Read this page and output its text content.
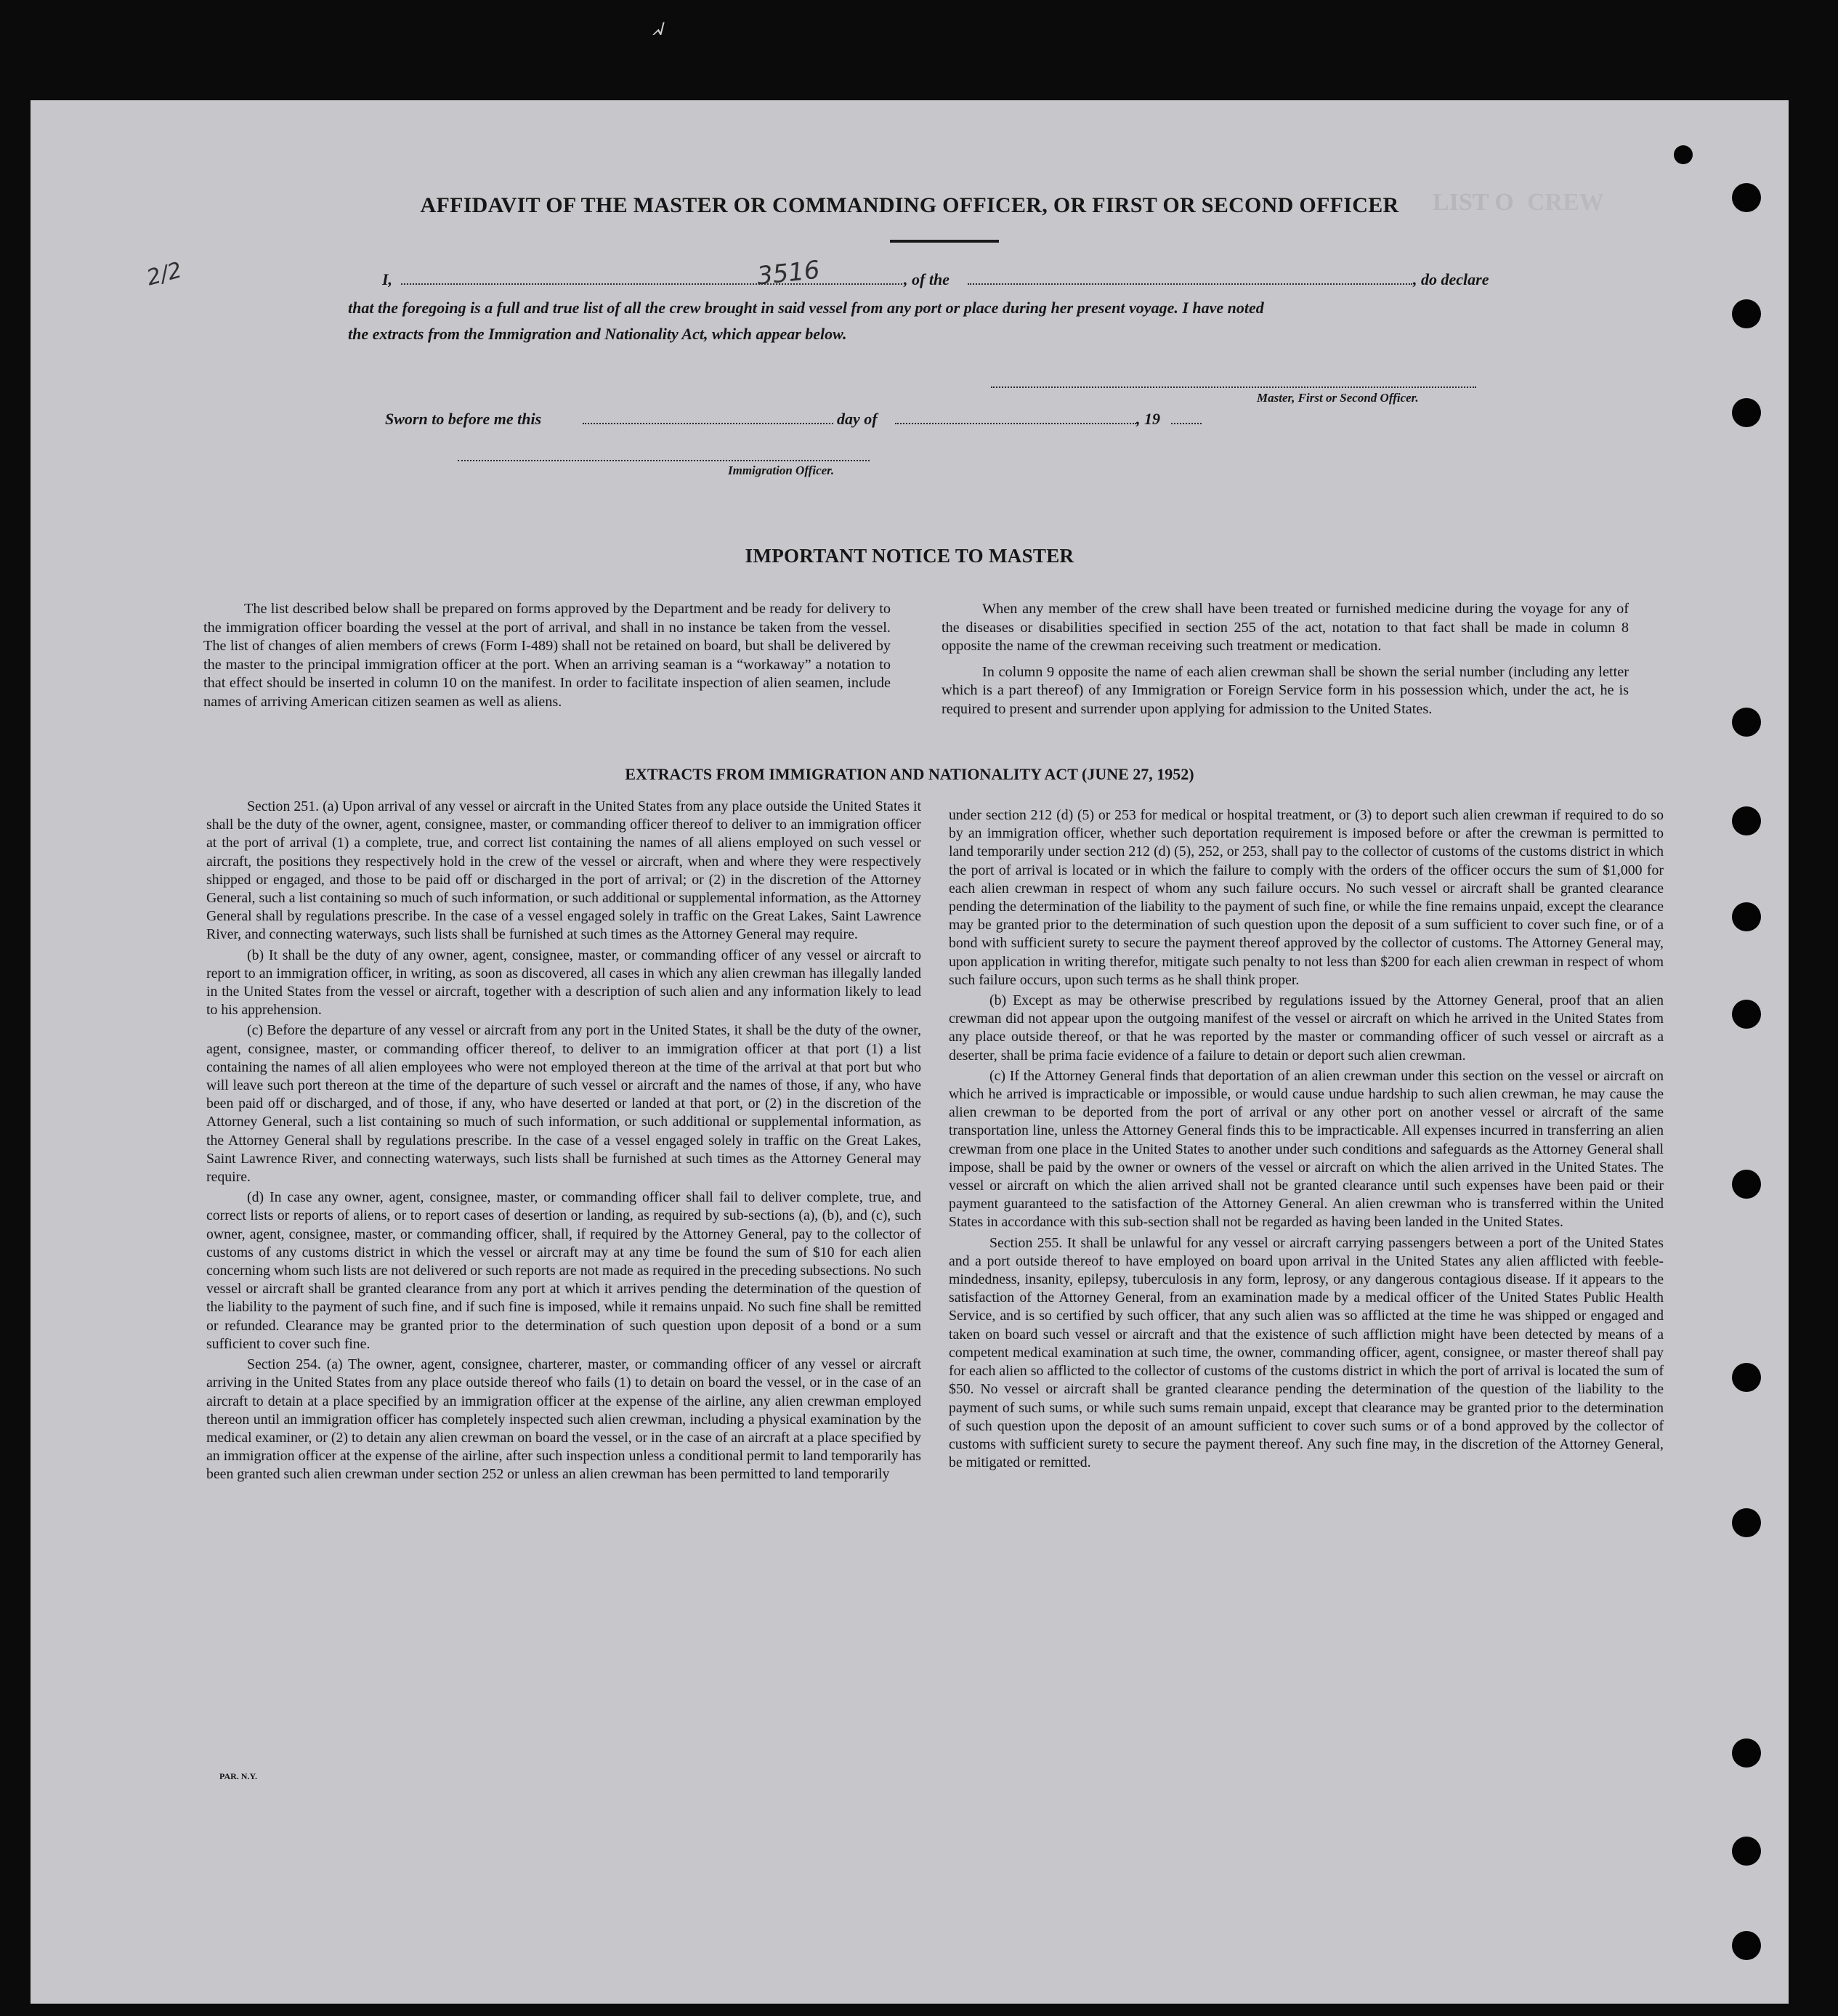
LIST O CREW
AFFIDAVIT OF THE MASTER OR COMMANDING OFFICER, OR FIRST OR SECOND OFFICER
I,	3516	, of the	, do declare
that the foregoing is a full and true list of all the crew brought in said vessel from any port or place during her present voyage. I have noted
the extracts from the Immigration and Nationality Act, which appear below.
Master, First or Second Officer.
Sworn to before me this	day of	, 19
Immigration Officer.
2/2
IMPORTANT NOTICE TO MASTER

The list described below shall be prepared on forms approved by the Department and be ready for delivery to the immigration officer boarding the vessel at the port of arrival, and shall in no instance be taken from the vessel. The list of changes of alien members of crews (Form I-489) shall not be retained on board, but shall be delivered by the master to the principal immigration officer at the port. When an arriving seaman is a “workaway” a notation to that effect should be inserted in column 10 on the manifest. In order to facilitate inspection of alien seamen, include names of arriving American citizen seamen as well as aliens.

When any member of the crew shall have been treated or furnished medicine during the voyage for any of the diseases or disabilities specified in section 255 of the act, notation to that fact shall be made in column 8 opposite the name of the crewman receiving such treatment or medication.

In column 9 opposite the name of each alien crewman shall be shown the serial number (including any letter which is a part thereof) of any Immigration or Foreign Service form in his possession which, under the act, he is required to present and surrender upon applying for admission to the United States.

EXTRACTS FROM IMMIGRATION AND NATIONALITY ACT (JUNE 27, 1952)

Section 251. (a) Upon arrival of any vessel or aircraft in the United States from any place outside the United States it shall be the duty of the owner, agent, consignee, master, or commanding officer thereof to deliver to an immigration officer at the port of arrival (1) a complete, true, and correct list containing the names of all aliens employed on such vessel or aircraft, the positions they respectively hold in the crew of the vessel or aircraft, when and where they were respectively shipped or engaged, and those to be paid off or discharged in the port of arrival; or (2) in the discretion of the Attorney General, such a list containing so much of such information, or such additional or supplemental information, as the Attorney General shall by regulations prescribe. In the case of a vessel engaged solely in traffic on the Great Lakes, Saint Lawrence River, and connecting waterways, such lists shall be furnished at such times as the Attorney General may require.

(b) It shall be the duty of any owner, agent, consignee, master, or commanding officer of any vessel or aircraft to report to an immigration officer, in writing, as soon as discovered, all cases in which any alien crewman has illegally landed in the United States from the vessel or aircraft, together with a description of such alien and any information likely to lead to his apprehension.

(c) Before the departure of any vessel or aircraft from any port in the United States, it shall be the duty of the owner, agent, consignee, master, or commanding officer thereof, to deliver to an immigration officer at that port (1) a list containing the names of all alien employees who were not employed thereon at the time of the arrival at that port but who will leave such port thereon at the time of the departure of such vessel or aircraft and the names of those, if any, who have been paid off or discharged, and of those, if any, who have deserted or landed at that port, or (2) in the discretion of the Attorney General, such a list containing so much of such information, or such additional or supplemental information, as the Attorney General shall by regulations prescribe. In the case of a vessel engaged solely in traffic on the Great Lakes, Saint Lawrence River, and connecting waterways, such lists shall be furnished at such times as the Attorney General may require.

(d) In case any owner, agent, consignee, master, or commanding officer shall fail to deliver complete, true, and correct lists or reports of aliens, or to report cases of desertion or landing, as required by sub-sections (a), (b), and (c), such owner, agent, consignee, master, or commanding officer, shall, if required by the Attorney General, pay to the collector of customs of any customs district in which the vessel or aircraft may at any time be found the sum of $10 for each alien concerning whom such lists are not delivered or such reports are not made as required in the preceding subsections. No such vessel or aircraft shall be granted clearance from any port at which it arrives pending the determination of the question of the liability to the payment of such fine, and if such fine is imposed, while it remains unpaid. No such fine shall be remitted or refunded. Clearance may be granted prior to the determination of such question upon deposit of a bond or a sum sufficient to cover such fine.

Section 254. (a) The owner, agent, consignee, charterer, master, or commanding officer of any vessel or aircraft arriving in the United States from any place outside thereof who fails (1) to detain on board the vessel, or in the case of an aircraft to detain at a place specified by an immigration officer at the expense of the airline, any alien crewman employed thereon until an immigration officer has completely inspected such alien crewman, including a physical examination by the medical examiner, or (2) to detain any alien crewman on board the vessel, or in the case of an aircraft at a place specified by an immigration officer at the expense of the airline, after such inspection unless a conditional permit to land temporarily has been granted such alien crewman under section 252 or unless an alien crewman has been permitted to land temporarily

under section 212 (d) (5) or 253 for medical or hospital treatment, or (3) to deport such alien crewman if required to do so by an immigration officer, whether such deportation requirement is imposed before or after the crewman is permitted to land temporarily under section 212 (d) (5), 252, or 253, shall pay to the collector of customs of the customs district in which the port of arrival is located or in which the failure to comply with the orders of the officer occurs the sum of $1,000 for each alien crewman in respect of whom any such failure occurs. No such vessel or aircraft shall be granted clearance pending the determination of the liability to the payment of such fine, or while the fine remains unpaid, except the clearance may be granted prior to the determination of such question upon the deposit of a sum sufficient to cover such fine, or of a bond with sufficient surety to secure the payment thereof approved by the collector of customs. The Attorney General may, upon application in writing therefor, mitigate such penalty to not less than $200 for each alien crewman in respect of whom such failure occurs, upon such terms as he shall think proper.

(b) Except as may be otherwise prescribed by regulations issued by the Attorney General, proof that an alien crewman did not appear upon the outgoing manifest of the vessel or aircraft on which he arrived in the United States from any place outside thereof, or that he was reported by the master or commanding officer of such vessel or aircraft as a deserter, shall be prima facie evidence of a failure to detain or deport such alien crewman.

(c) If the Attorney General finds that deportation of an alien crewman under this section on the vessel or aircraft on which he arrived is impracticable or impossible, or would cause undue hardship to such alien crewman, he may cause the alien crewman to be deported from the port of arrival or any other port on another vessel or aircraft of the same transportation line, unless the Attorney General finds this to be impracticable. All expenses incurred in transferring an alien crewman from one place in the United States to another under such conditions and safeguards as the Attorney General shall impose, shall be paid by the owner or owners of the vessel or aircraft on which the alien arrived in the United States. The vessel or aircraft on which the alien arrived shall not be granted clearance until such expenses have been paid or their payment guaranteed to the satisfaction of the Attorney General. An alien crewman who is transferred within the United States in accordance with this sub-section shall not be regarded as having been landed in the United States.

Section 255. It shall be unlawful for any vessel or aircraft carrying passengers between a port of the United States and a port outside thereof to have employed on board upon arrival in the United States any alien afflicted with feeble-mindedness, insanity, epilepsy, tuberculosis in any form, leprosy, or any dangerous contagious disease. If it appears to the satisfaction of the Attorney General, from an examination made by a medical officer of the United States Public Health Service, and is so certified by such officer, that any such alien was so afflicted at the time he was shipped or engaged and taken on board such vessel or aircraft and that the existence of such affliction might have been detected by means of a competent medical examination at such time, the owner, commanding officer, agent, consignee, or master thereof shall pay for each alien so afflicted to the collector of customs of the customs district in which the port of arrival is located the sum of $50. No vessel or aircraft shall be granted clearance pending the determination of the question of the liability to the payment of such sums, or while such sums remain unpaid, except that clearance may be granted prior to the determination of such question upon the deposit of an amount sufficient to cover such sums or of a bond approved by the collector of customs with sufficient surety to secure the payment thereof. Any such fine may, in the discretion of the Attorney General, be mitigated or remitted.

PAR. N.Y.
ᖽ
